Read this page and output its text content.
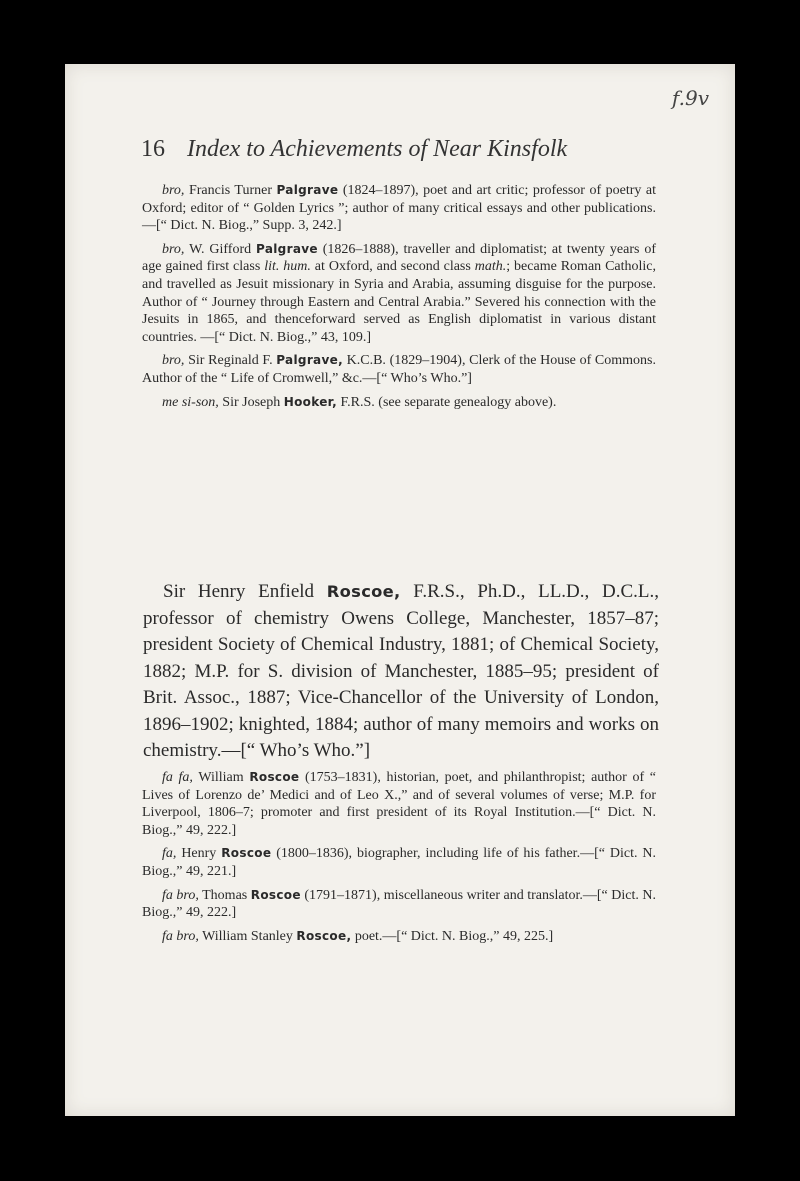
f.9v
16 Index to Achievements of Near Kinsfolk

bro, Francis Turner Palgrave (1824–1897), poet and art critic; professor of poetry at Oxford; editor of “ Golden Lyrics ”; author of many critical essays and other publications.—[“ Dict. N. Biog.,” Supp. 3, 242.]

bro, W. Gifford Palgrave (1826–1888), traveller and diplomatist; at twenty years of age gained first class lit. hum. at Oxford, and second class math.; became Roman Catholic, and travelled as Jesuit missionary in Syria and Arabia, assuming disguise for the purpose. Author of “ Journey through Eastern and Central Arabia.” Severed his connection with the Jesuits in 1865, and thenceforward served as English diplomatist in various distant countries. —[“ Dict. N. Biog.,” 43, 109.]

bro, Sir Reginald F. Palgrave, K.C.B. (1829–1904), Clerk of the House of Commons. Author of the “ Life of Cromwell,” &c.—[“ Who’s Who.”]

me si-son, Sir Joseph Hooker, F.R.S. (see separate genealogy above).

Sir Henry Enfield Roscoe, F.R.S., Ph.D., LL.D., D.C.L., professor of chemistry Owens College, Manchester, 1857–87; president Society of Chemical Industry, 1881; of Chemical Society, 1882; M.P. for S. division of Manchester, 1885–95; president of Brit. Assoc., 1887; Vice-Chancellor of the University of London, 1896–1902; knighted, 1884; author of many memoirs and works on chemistry.—[“ Who’s Who.”]

fa fa, William Roscoe (1753–1831), historian, poet, and philanthropist; author of “ Lives of Lorenzo de’ Medici and of Leo X.,” and of several volumes of verse; M.P. for Liverpool, 1806–7; promoter and first president of its Royal Institution.—[“ Dict. N. Biog.,” 49, 222.]

fa, Henry Roscoe (1800–1836), biographer, including life of his father.—[“ Dict. N. Biog.,” 49, 221.]

fa bro, Thomas Roscoe (1791–1871), miscellaneous writer and translator.—[“ Dict. N. Biog.,” 49, 222.]

fa bro, William Stanley Roscoe, poet.—[“ Dict. N. Biog.,” 49, 225.]
